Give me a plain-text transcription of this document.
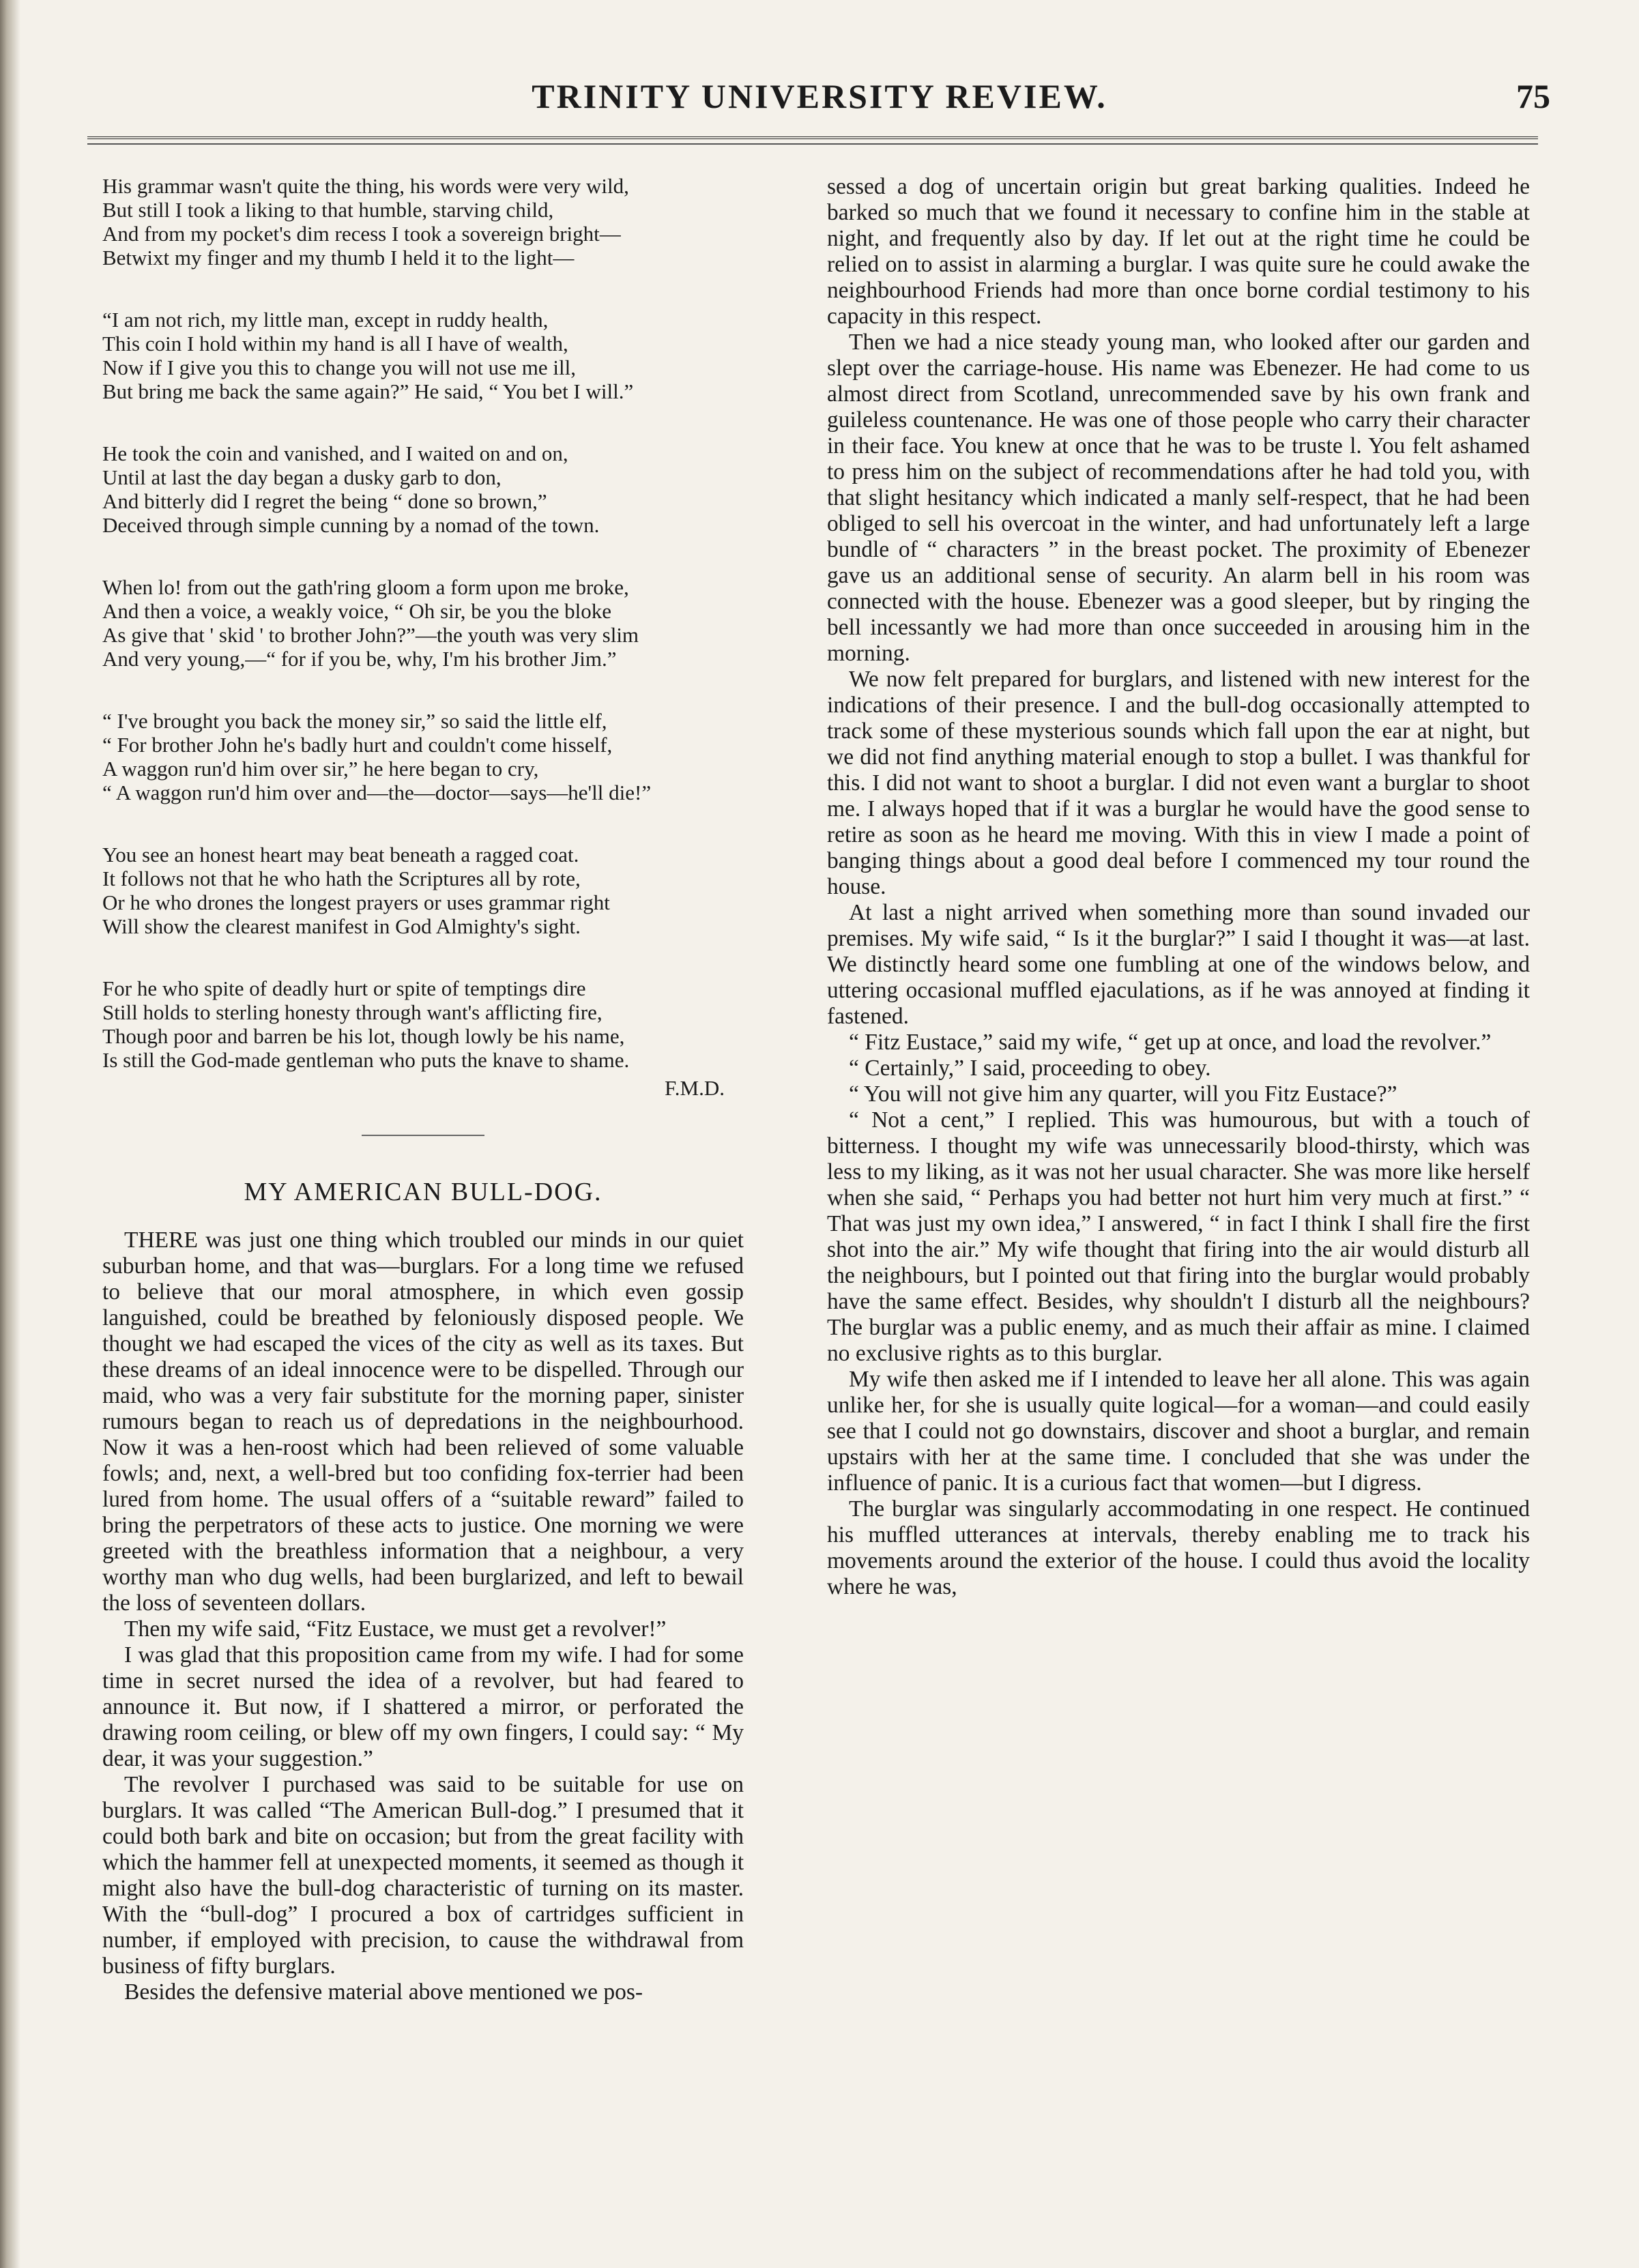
TRINITY UNIVERSITY REVIEW.	75
His grammar wasn't quite the thing, his words were very wild,
But still I took a liking to that humble, starving child,
And from my pocket's dim recess I took a sovereign bright—
Betwixt my finger and my thumb I held it to the light—
“I am not rich, my little man, except in ruddy health,
This coin I hold within my hand is all I have of wealth,
Now if I give you this to change you will not use me ill,
But bring me back the same again?” He said, “ You bet I will.”
He took the coin and vanished, and I waited on and on,
Until at last the day began a dusky garb to don,
And bitterly did I regret the being “ done so brown,”
Deceived through simple cunning by a nomad of the town.
When lo! from out the gath'ring gloom a form upon me broke,
And then a voice, a weakly voice, “ Oh sir, be you the bloke
As give that ' skid ' to brother John?”—the youth was very slim
And very young,—“ for if you be, why, I'm his brother Jim.”
“ I've brought you back the money sir,” so said the little elf,
“ For brother John he's badly hurt and couldn't come hisself,
A waggon run'd him over sir,” he here began to cry,
“ A waggon run'd him over and—the—doctor—says—he'll die!”
You see an honest heart may beat beneath a ragged coat.
It follows not that he who hath the Scriptures all by rote,
Or he who drones the longest prayers or uses grammar right
Will show the clearest manifest in God Almighty's sight.
For he who spite of deadly hurt or spite of temptings dire
Still holds to sterling honesty through want's afflicting fire,
Though poor and barren be his lot, though lowly be his name,
Is still the God-made gentleman who puts the knave to shame.
F.M.D.
MY AMERICAN BULL-DOG.

THERE was just one thing which troubled our minds in our quiet suburban home, and that was—burglars. For a long time we refused to believe that our moral atmosphere, in which even gossip languished, could be breathed by feloniously disposed people. We thought we had escaped the vices of the city as well as its taxes. But these dreams of an ideal innocence were to be dispelled. Through our maid, who was a very fair substitute for the morning paper, sinister rumours began to reach us of depredations in the neighbourhood. Now it was a hen-roost which had been relieved of some valuable fowls; and, next, a well-bred but too confiding fox-terrier had been lured from home. The usual offers of a “suitable reward” failed to bring the perpetrators of these acts to justice. One morning we were greeted with the breathless information that a neighbour, a very worthy man who dug wells, had been burglarized, and left to bewail the loss of seventeen dollars.

Then my wife said, “Fitz Eustace, we must get a revolver!”

I was glad that this proposition came from my wife. I had for some time in secret nursed the idea of a revolver, but had feared to announce it. But now, if I shattered a mirror, or perforated the drawing room ceiling, or blew off my own fingers, I could say: “ My dear, it was your suggestion.”

The revolver I purchased was said to be suitable for use on burglars. It was called “The American Bull-dog.” I presumed that it could both bark and bite on occasion; but from the great facility with which the hammer fell at unexpected moments, it seemed as though it might also have the bull-dog characteristic of turning on its master. With the “bull-dog” I procured a box of cartridges sufficient in number, if employed with precision, to cause the withdrawal from business of fifty burglars.

Besides the defensive material above mentioned we pos-

sessed a dog of uncertain origin but great barking qualities. Indeed he barked so much that we found it necessary to confine him in the stable at night, and frequently also by day. If let out at the right time he could be relied on to assist in alarming a burglar. I was quite sure he could awake the neighbourhood Friends had more than once borne cordial testimony to his capacity in this respect.

Then we had a nice steady young man, who looked after our garden and slept over the carriage-house. His name was Ebenezer. He had come to us almost direct from Scotland, unrecommended save by his own frank and guileless countenance. He was one of those people who carry their character in their face. You knew at once that he was to be truste l. You felt ashamed to press him on the subject of recommendations after he had told you, with that slight hesitancy which indicated a manly self-respect, that he had been obliged to sell his overcoat in the winter, and had unfortunately left a large bundle of “ characters ” in the breast pocket. The proximity of Ebenezer gave us an additional sense of security. An alarm bell in his room was connected with the house. Ebenezer was a good sleeper, but by ringing the bell incessantly we had more than once succeeded in arousing him in the morning.

We now felt prepared for burglars, and listened with new interest for the indications of their presence. I and the bull-dog occasionally attempted to track some of these mysterious sounds which fall upon the ear at night, but we did not find anything material enough to stop a bullet. I was thankful for this. I did not want to shoot a burglar. I did not even want a burglar to shoot me. I always hoped that if it was a burglar he would have the good sense to retire as soon as he heard me moving. With this in view I made a point of banging things about a good deal before I commenced my tour round the house.

At last a night arrived when something more than sound invaded our premises. My wife said, “ Is it the burglar?” I said I thought it was—at last. We distinctly heard some one fumbling at one of the windows below, and uttering occasional muffled ejaculations, as if he was annoyed at finding it fastened.

“ Fitz Eustace,” said my wife, “ get up at once, and load the revolver.”

“ Certainly,” I said, proceeding to obey.

“ You will not give him any quarter, will you Fitz Eustace?”

“ Not a cent,” I replied. This was humourous, but with a touch of bitterness. I thought my wife was unnecessarily blood-thirsty, which was less to my liking, as it was not her usual character. She was more like herself when she said, “ Perhaps you had better not hurt him very much at first.” “ That was just my own idea,” I answered, “ in fact I think I shall fire the first shot into the air.” My wife thought that firing into the air would disturb all the neighbours, but I pointed out that firing into the burglar would probably have the same effect. Besides, why shouldn't I disturb all the neighbours? The burglar was a public enemy, and as much their affair as mine. I claimed no exclusive rights as to this burglar.

My wife then asked me if I intended to leave her all alone. This was again unlike her, for she is usually quite logical—for a woman—and could easily see that I could not go downstairs, discover and shoot a burglar, and remain upstairs with her at the same time. I concluded that she was under the influence of panic. It is a curious fact that women—but I digress.

The burglar was singularly accommodating in one respect. He continued his muffled utterances at intervals, thereby enabling me to track his movements around the exterior of the house. I could thus avoid the locality where he was,
